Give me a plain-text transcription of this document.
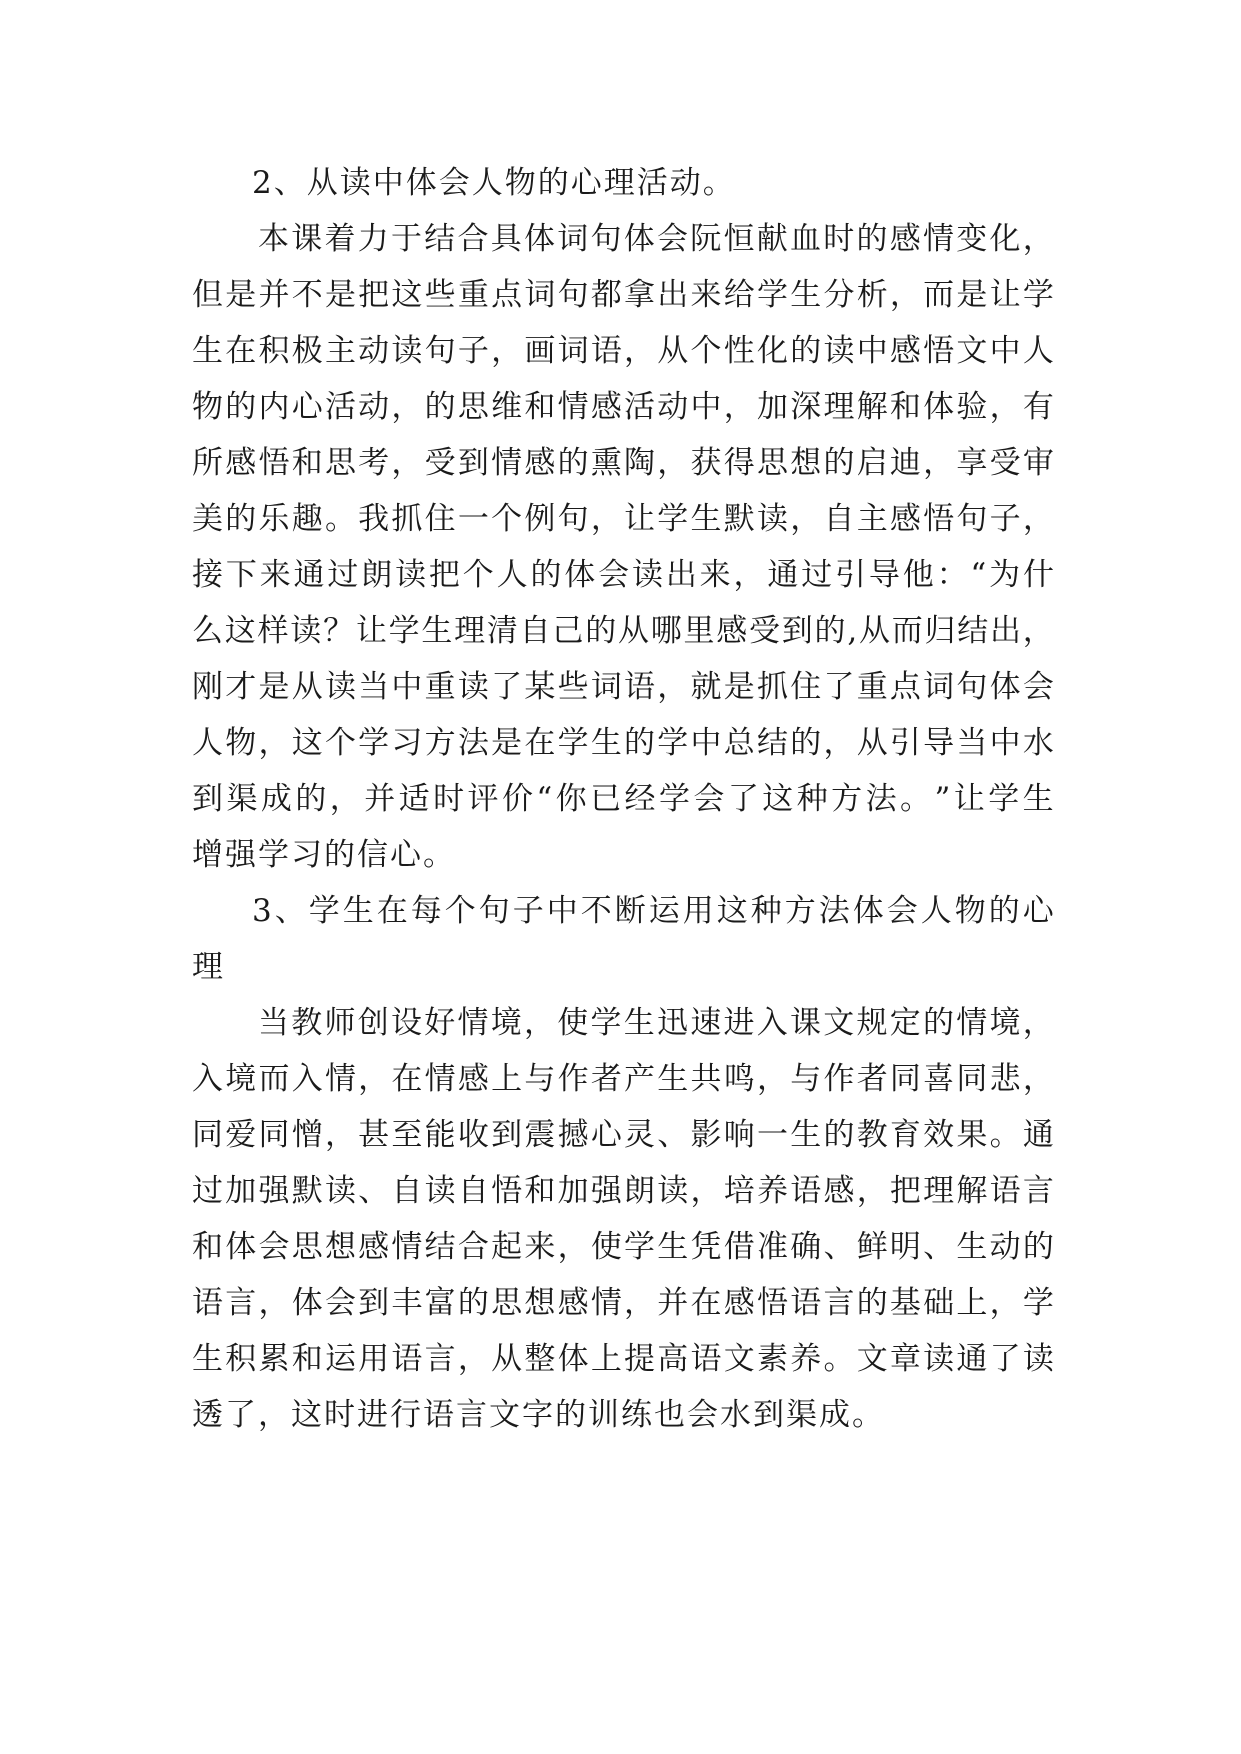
2、从读中体会人物的心理活动。
本 课 着 力 于 结 合 具 体 词 句 体 会 阮 恒 献 血 时 的 感 情 变 化 ，
但 是 并 不 是 把 这 些 重 点 词 句 都 拿 出 来 给 学 生 分 析 ， 而 是 让 学
生 在 积 极 主 动 读 句 子 ， 画 词 语 ， 从 个 性 化 的 读 中 感 悟 文 中 人
物 的 内 心 活 动 ， 的 思 维 和 情 感 活 动 中 ， 加 深 理 解 和 体 验 ， 有
所 感 悟 和 思 考 ， 受 到 情 感 的 熏 陶 ， 获 得 思 想 的 启 迪 ， 享 受 审
美 的 乐 趣 。 我 抓 住 一 个 例 句 ， 让 学 生 默 读 ， 自 主 感 悟 句 子 ，
接 下 来 通 过 朗 读 把 个 人 的 体 会 读 出 来 ， 通 过 引 导 他 ： “ 为 什
么 这 样 读 ？ 让 学 生 理 清 自 己 的 从 哪 里 感 受 到 的 , 从 而 归 结 出 ，
刚 才 是 从 读 当 中 重 读 了 某 些 词 语 ， 就 是 抓 住 了 重 点 词 句 体 会
人 物 ， 这 个 学 习 方 法 是 在 学 生 的 学 中 总 结 的 ， 从 引 导 当 中 水
到 渠 成 的 ， 并 适 时 评 价 “ 你 已 经 学 会 了 这 种 方 法 。 ” 让 学 生
增强学习的信心。
3 、 学 生 在 每 个 句 子 中 不 断 运 用 这 种 方 法 体 会 人 物 的 心
理
当 教 师 创 设 好 情 境 ， 使 学 生 迅 速 进 入 课 文 规 定 的 情 境 ，
入 境 而 入 情 ， 在 情 感 上 与 作 者 产 生 共 鸣 ， 与 作 者 同 喜 同 悲 ，
同 爱 同 憎 ， 甚 至 能 收 到 震 撼 心 灵 、 影 响 一 生 的 教 育 效 果 。 通
过 加 强 默 读 、 自 读 自 悟 和 加 强 朗 读 ， 培 养 语 感 ， 把 理 解 语 言
和 体 会 思 想 感 情 结 合 起 来 ， 使 学 生 凭 借 准 确 、 鲜 明 、 生 动 的
语 言 ， 体 会 到 丰 富 的 思 想 感 情 ， 并 在 感 悟 语 言 的 基 础 上 ， 学
生 积 累 和 运 用 语 言 ， 从 整 体 上 提 高 语 文 素 养 。 文 章 读 通 了 读
透了，这时进行语言文字的训练也会水到渠成。
